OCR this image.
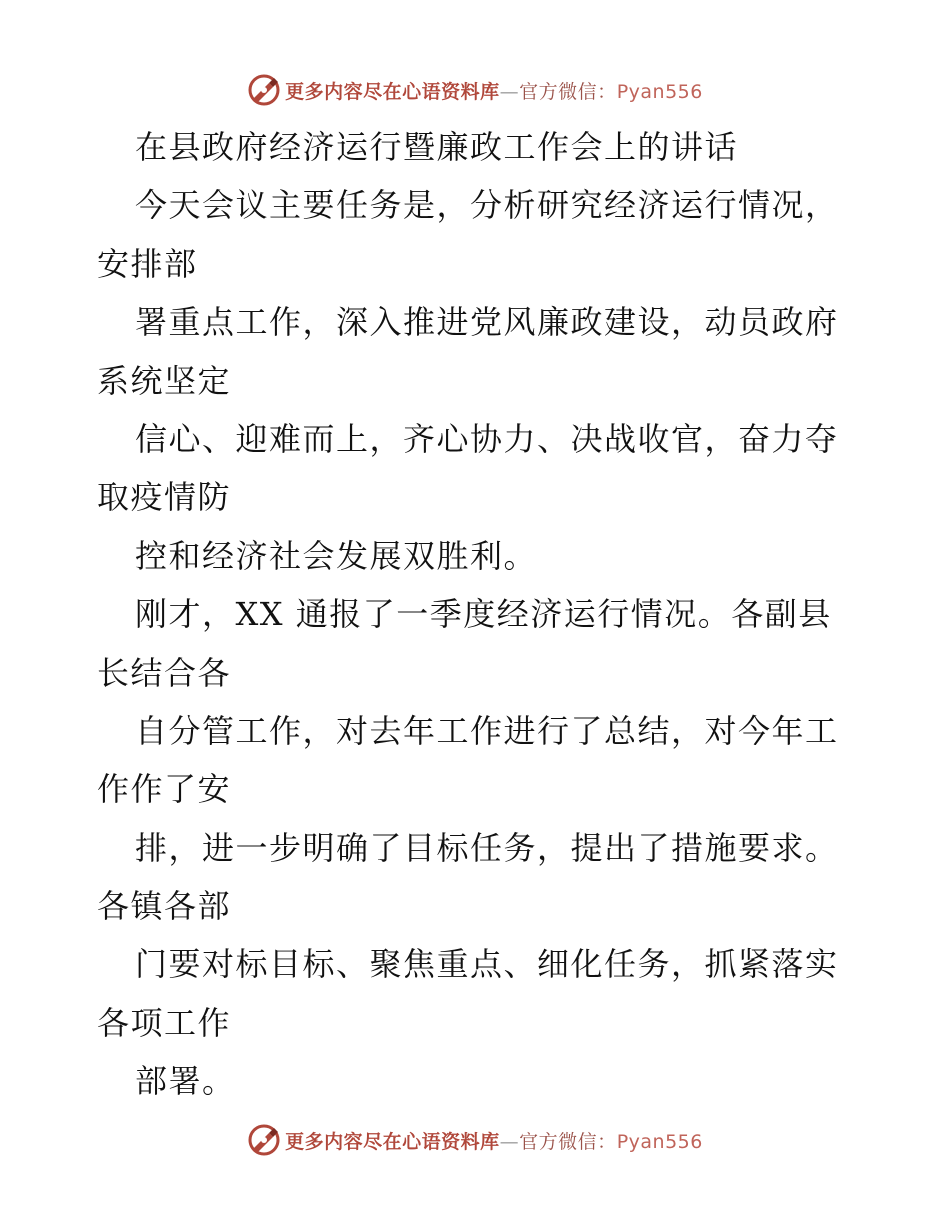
更多内容尽在心语资料库—官方微信：Pyan556
在县政府经济运行暨廉政工作会上的讲话
今天会议主要任务是，分析研究经济运行情况，
安排部
署重点工作，深入推进党风廉政建设，动员政府
系统坚定
信心、迎难而上，齐心协力、决战收官，奋力夺
取疫情防
控和经济社会发展双胜利。
刚才，XX 通报了一季度经济运行情况。各副县
长结合各
自分管工作，对去年工作进行了总结，对今年工
作作了安
排，进一步明确了目标任务，提出了措施要求。
各镇各部
门要对标目标、聚焦重点、细化任务，抓紧落实
各项工作
部署。
更多内容尽在心语资料库—官方微信：Pyan556
